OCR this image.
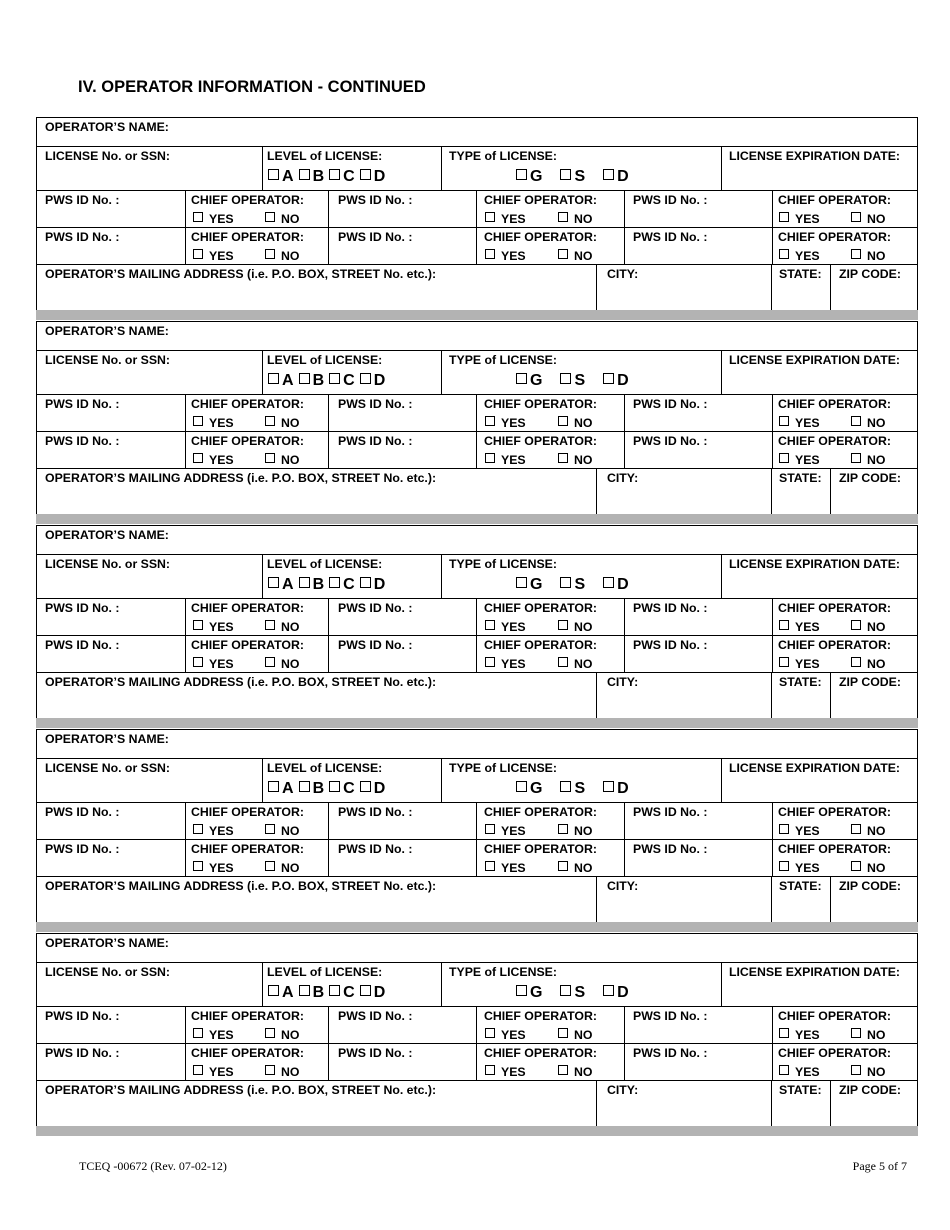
IV. OPERATOR INFORMATION - CONTINUED
OPERATOR’S NAME:
LICENSE No. or SSN:	LEVEL of LICENSE:	TYPE of LICENSE:	LICENSE EXPIRATION DATE:
A B C D	G S D
PWS ID No. :	CHIEF OPERATOR:	PWS ID No. :	CHIEF OPERATOR:	PWS ID No. :	CHIEF OPERATOR:
YES	NO	YES	NO	YES	NO
PWS ID No. :	CHIEF OPERATOR:	PWS ID No. :	CHIEF OPERATOR:	PWS ID No. :	CHIEF OPERATOR:
YES	NO	YES	NO	YES	NO
OPERATOR’S MAILING ADDRESS (i.e. P.O. BOX, STREET No. etc.):	CITY:	STATE: ZIP CODE:
OPERATOR’S NAME:
LICENSE No. or SSN:	LEVEL of LICENSE:	TYPE of LICENSE:	LICENSE EXPIRATION DATE:
A B C D	G S D
PWS ID No. :	CHIEF OPERATOR:	PWS ID No. :	CHIEF OPERATOR:	PWS ID No. :	CHIEF OPERATOR:
YES	NO	YES	NO	YES	NO
PWS ID No. :	CHIEF OPERATOR:	PWS ID No. :	CHIEF OPERATOR:	PWS ID No. :	CHIEF OPERATOR:
YES	NO	YES	NO	YES	NO
OPERATOR’S MAILING ADDRESS (i.e. P.O. BOX, STREET No. etc.):	CITY:	STATE: ZIP CODE:
OPERATOR’S NAME:
LICENSE No. or SSN:	LEVEL of LICENSE:	TYPE of LICENSE:	LICENSE EXPIRATION DATE:
A B C D	G S D
PWS ID No. :	CHIEF OPERATOR:	PWS ID No. :	CHIEF OPERATOR:	PWS ID No. :	CHIEF OPERATOR:
YES	NO	YES	NO	YES	NO
PWS ID No. :	CHIEF OPERATOR:	PWS ID No. :	CHIEF OPERATOR:	PWS ID No. :	CHIEF OPERATOR:
YES	NO	YES	NO	YES	NO
OPERATOR’S MAILING ADDRESS (i.e. P.O. BOX, STREET No. etc.):	CITY:	STATE: ZIP CODE:
OPERATOR’S NAME:
LICENSE No. or SSN:	LEVEL of LICENSE:	TYPE of LICENSE:	LICENSE EXPIRATION DATE:
A B C D	G S D
PWS ID No. :	CHIEF OPERATOR:	PWS ID No. :	CHIEF OPERATOR:	PWS ID No. :	CHIEF OPERATOR:
YES	NO	YES	NO	YES	NO
PWS ID No. :	CHIEF OPERATOR:	PWS ID No. :	CHIEF OPERATOR:	PWS ID No. :	CHIEF OPERATOR:
YES	NO	YES	NO	YES	NO
OPERATOR’S MAILING ADDRESS (i.e. P.O. BOX, STREET No. etc.):	CITY:	STATE: ZIP CODE:
OPERATOR’S NAME:
LICENSE No. or SSN:	LEVEL of LICENSE:	TYPE of LICENSE:	LICENSE EXPIRATION DATE:
A B C D	G S D
PWS ID No. :	CHIEF OPERATOR:	PWS ID No. :	CHIEF OPERATOR:	PWS ID No. :	CHIEF OPERATOR:
YES	NO	YES	NO	YES	NO
PWS ID No. :	CHIEF OPERATOR:	PWS ID No. :	CHIEF OPERATOR:	PWS ID No. :	CHIEF OPERATOR:
YES	NO	YES	NO	YES	NO
OPERATOR’S MAILING ADDRESS (i.e. P.O. BOX, STREET No. etc.):	CITY:	STATE: ZIP CODE:
TCEQ -00672 (Rev. 07-02-12)	Page 5 of 7
